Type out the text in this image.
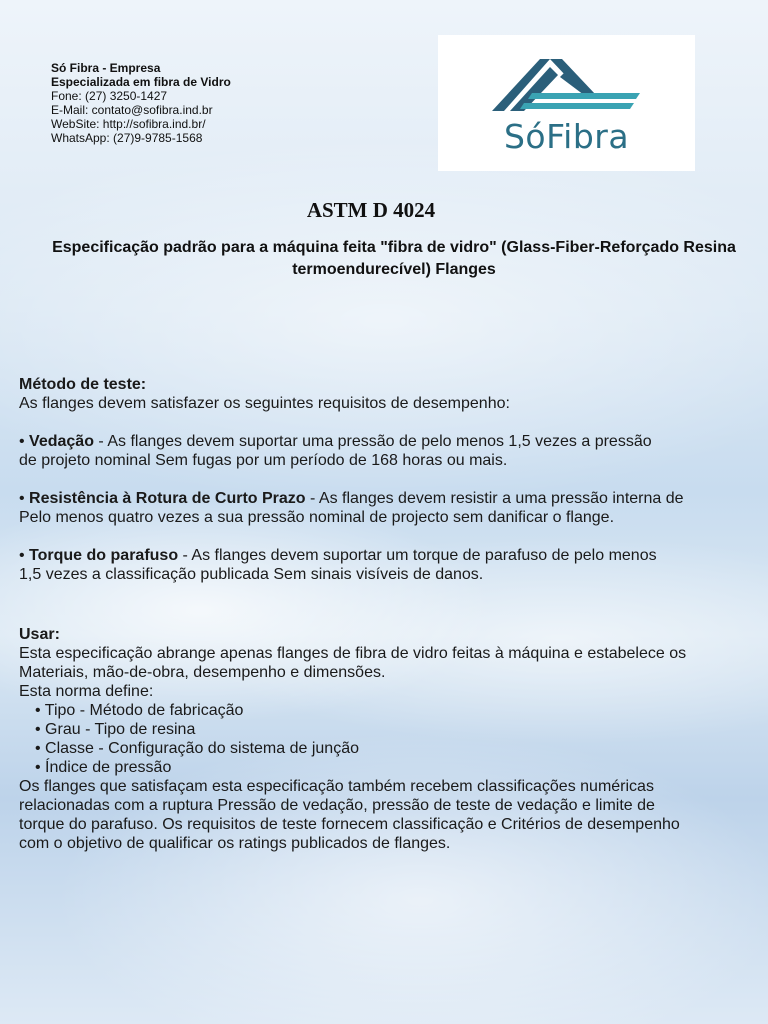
Só Fibra - Empresa
Especializada em fibra de Vidro
Fone: (27) 3250-1427
E-Mail: contato@sofibra.ind.br
WebSite: http://sofibra.ind.br/
WhatsApp: (27)9-9785-1568	SóFibra
ASTM D 4024
Especificação padrão para a máquina feita "fibra de vidro" (Glass-Fiber-Reforçado Resina termoendurecível) Flanges

Método de teste:

As flanges devem satisfazer os seguintes requisitos de desempenho:

• Vedação - As flanges devem suportar uma pressão de pelo menos 1,5 vezes a pressão

de projeto nominal Sem fugas por um período de 168 horas ou mais.

• Resistência à Rotura de Curto Prazo - As flanges devem resistir a uma pressão interna de

Pelo menos quatro vezes a sua pressão nominal de projecto sem danificar o flange.

• Torque do parafuso - As flanges devem suportar um torque de parafuso de pelo menos

1,5 vezes a classificação publicada Sem sinais visíveis de danos.

Usar:

Esta especificação abrange apenas flanges de fibra de vidro feitas à máquina e estabelece os

Materiais, mão-de-obra, desempenho e dimensões.

Esta norma define:

• Tipo - Método de fabricação

• Grau - Tipo de resina

• Classe - Configuração do sistema de junção

• Índice de pressão

Os flanges que satisfaçam esta especificação também recebem classificações numéricas

relacionadas com a ruptura Pressão de vedação, pressão de teste de vedação e limite de

torque do parafuso. Os requisitos de teste fornecem classificação e Critérios de desempenho

com o objetivo de qualificar os ratings publicados de flanges.
